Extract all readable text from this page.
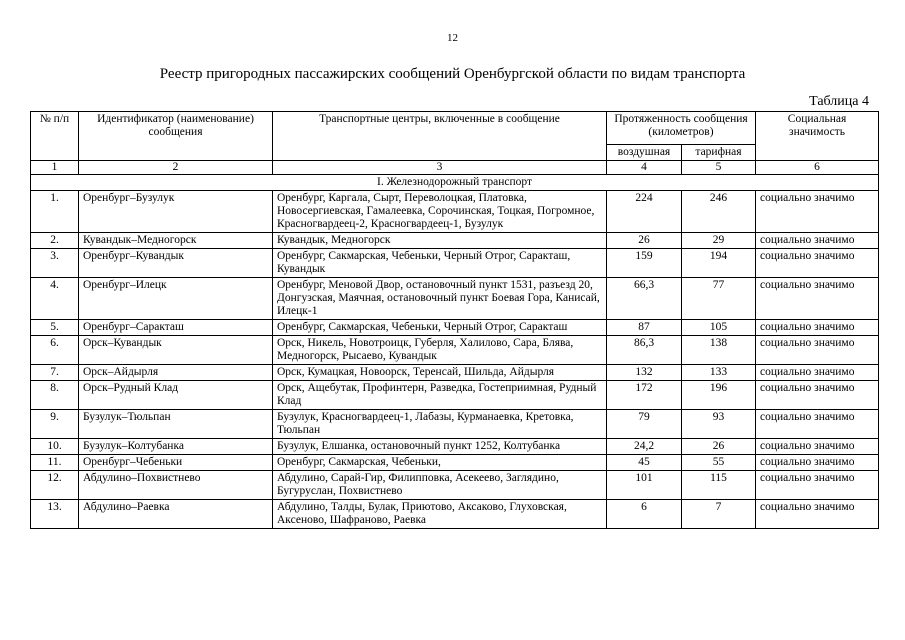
12
Реестр пригородных пассажирских сообщений Оренбургской области по видам транспорта
Таблица 4
№ п/п	Идентификатор (наименование) сообщения	Транспортные центры, включенные в сообщение	Протяженность сообщения (километров)		Социальная значимость
			воздушная	тарифная	
1	2	3	4	5	6
I. Железнодорожный транспорт					
1.	Оренбург–Бузулук	Оренбург, Каргала, Сырт, Переволоцкая, Платовка, Новосергиевская, Гамалеевка, Сорочинская, Тоцкая, Погромное, Красногвардеец-2, Красногвардеец-1, Бузулук	224	246	социально значимо
2.	Кувандык–Медногорск	Кувандык, Медногорск	26	29	социально значимо
3.	Оренбург–Кувандык	Оренбург, Сакмарская, Чебеньки, Черный Отрог, Саракташ, Кувандык	159	194	социально значимо
4.	Оренбург–Илецк	Оренбург, Меновой Двор, остановочный пункт 1531, разъезд 20, Донгузская, Маячная, остановочный пункт Боевая Гора, Канисай, Илецк-1	66,3	77	социально значимо
5.	Оренбург–Саракташ	Оренбург, Сакмарская, Чебеньки, Черный Отрог, Саракташ	87	105	социально значимо
6.	Орск–Кувандык	Орск, Никель, Новотроицк, Губерля, Халилово, Сара, Блява, Медногорск, Рысаево, Кувандык	86,3	138	социально значимо
7.	Орск–Айдырля	Орск, Кумацкая, Новоорск, Теренсай, Шильда, Айдырля	132	133	социально значимо
8.	Орск–Рудный Клад	Орск, Ащебутак, Профинтерн, Разведка, Гостеприимная, Рудный Клад	172	196	социально значимо
9.	Бузулук–Тюльпан	Бузулук, Красногвардеец-1, Лабазы, Курманаевка, Кретовка, Тюльпан	79	93	социально значимо
10.	Бузулук–Колтубанка	Бузулук, Елшанка, остановочный пункт 1252, Колтубанка	24,2	26	социально значимо
11.	Оренбург–Чебеньки	Оренбург, Сакмарская, Чебеньки,	45	55	социально значимо
12.	Абдулино–Похвистнево	Абдулино, Сарай-Гир, Филипповка, Асекеево, Заглядино, Бугуруслан, Похвистнево	101	115	социально значимо
13.	Абдулино–Раевка	Абдулино, Талды, Булак, Приютово, Аксаково, Глуховская, Аксеново, Шафраново, Раевка	6	7	социально значимо
